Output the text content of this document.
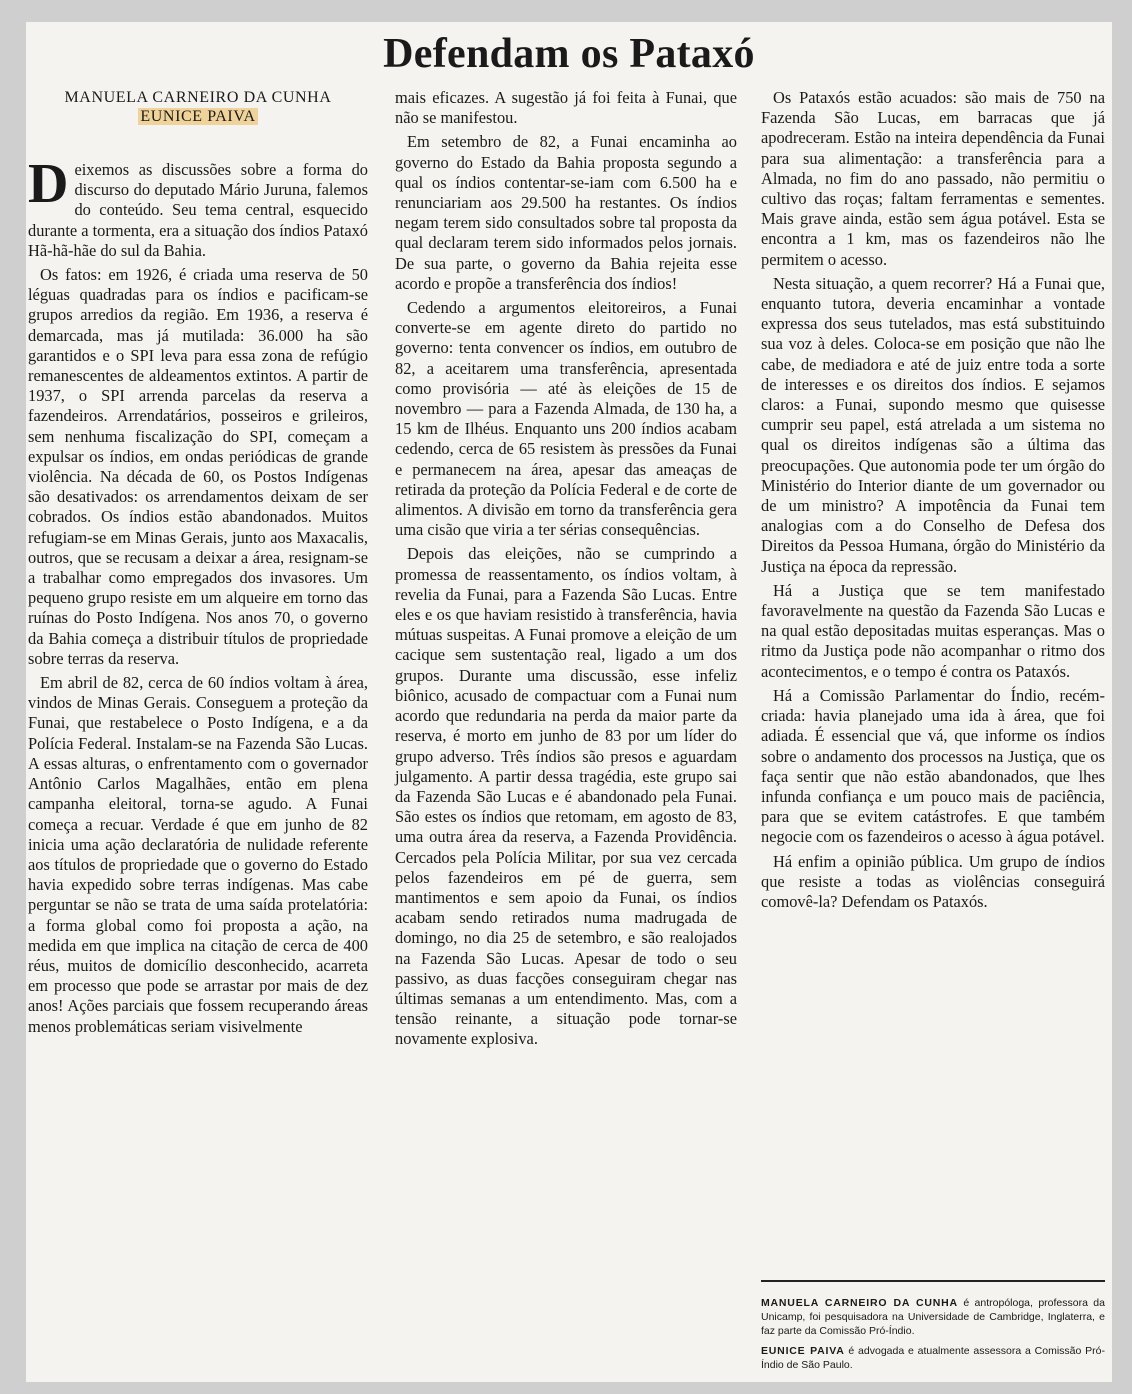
Defendam os Pataxó
MANUELA CARNEIRO DA CUNHA
EUNICE PAIVA

Deixemos as discussões sobre a forma do discurso do deputado Mário Juruna, falemos do conteúdo. Seu tema central, esquecido durante a tormenta, era a situação dos índios Pataxó Hã-hã-hãe do sul da Bahia.

Os fatos: em 1926, é criada uma reserva de 50 léguas quadradas para os índios e pacificam-se grupos arredios da região. Em 1936, a reserva é demarcada, mas já mutilada: 36.000 ha são garantidos e o SPI leva para essa zona de refúgio remanescentes de aldeamentos extintos. A partir de 1937, o SPI arrenda parcelas da reserva a fazendeiros. Arrendatários, posseiros e grileiros, sem nenhuma fiscalização do SPI, começam a expulsar os índios, em ondas periódicas de grande violência. Na década de 60, os Postos Indígenas são desativados: os arrendamentos deixam de ser cobrados. Os índios estão abandonados. Muitos refugiam-se em Minas Gerais, junto aos Maxacalis, outros, que se recusam a deixar a área, resignam-se a trabalhar como empregados dos invasores. Um pequeno grupo resiste em um alqueire em torno das ruínas do Posto Indígena. Nos anos 70, o governo da Bahia começa a distribuir títulos de propriedade sobre terras da reserva.

Em abril de 82, cerca de 60 índios voltam à área, vindos de Minas Gerais. Conseguem a proteção da Funai, que restabelece o Posto Indígena, e a da Polícia Federal. Instalam-se na Fazenda São Lucas. A essas alturas, o enfrentamento com o governador Antônio Carlos Magalhães, então em plena campanha eleitoral, torna-se agudo. A Funai começa a recuar. Verdade é que em junho de 82 inicia uma ação declaratória de nulidade referente aos títulos de propriedade que o governo do Estado havia expedido sobre terras indígenas. Mas cabe perguntar se não se trata de uma saída protelatória: a forma global como foi proposta a ação, na medida em que implica na citação de cerca de 400 réus, muitos de domicílio desconhecido, acarreta em processo que pode se arrastar por mais de dez anos! Ações parciais que fossem recuperando áreas menos problemáticas seriam visivelmente

mais eficazes. A sugestão já foi feita à Funai, que não se manifestou.

Em setembro de 82, a Funai encaminha ao governo do Estado da Bahia proposta segundo a qual os índios contentar-se-iam com 6.500 ha e renunciariam aos 29.500 ha restantes. Os índios negam terem sido consultados sobre tal proposta da qual declaram terem sido informados pelos jornais. De sua parte, o governo da Bahia rejeita esse acordo e propõe a transferência dos índios!

Cedendo a argumentos eleitoreiros, a Funai converte-se em agente direto do partido no governo: tenta convencer os índios, em outubro de 82, a aceitarem uma transferência, apresentada como provisória — até às eleições de 15 de novembro — para a Fazenda Almada, de 130 ha, a 15 km de Ilhéus. Enquanto uns 200 índios acabam cedendo, cerca de 65 resistem às pressões da Funai e permanecem na área, apesar das ameaças de retirada da proteção da Polícia Federal e de corte de alimentos. A divisão em torno da transferência gera uma cisão que viria a ter sérias consequências.

Depois das eleições, não se cumprindo a promessa de reassentamento, os índios voltam, à revelia da Funai, para a Fazenda São Lucas. Entre eles e os que haviam resistido à transferência, havia mútuas suspeitas. A Funai promove a eleição de um cacique sem sustentação real, ligado a um dos grupos. Durante uma discussão, esse infeliz biônico, acusado de compactuar com a Funai num acordo que redundaria na perda da maior parte da reserva, é morto em junho de 83 por um líder do grupo adverso. Três índios são presos e aguardam julgamento. A partir dessa tragédia, este grupo sai da Fazenda São Lucas e é abandonado pela Funai. São estes os índios que retomam, em agosto de 83, uma outra área da reserva, a Fazenda Providência. Cercados pela Polícia Militar, por sua vez cercada pelos fazendeiros em pé de guerra, sem mantimentos e sem apoio da Funai, os índios acabam sendo retirados numa madrugada de domingo, no dia 25 de setembro, e são realojados na Fazenda São Lucas. Apesar de todo o seu passivo, as duas facções conseguiram chegar nas últimas semanas a um entendimento. Mas, com a tensão reinante, a situação pode tornar-se novamente explosiva.

Os Pataxós estão acuados: são mais de 750 na Fazenda São Lucas, em barracas que já apodreceram. Estão na inteira dependência da Funai para sua alimentação: a transferência para a Almada, no fim do ano passado, não permitiu o cultivo das roças; faltam ferramentas e sementes. Mais grave ainda, estão sem água potável. Esta se encontra a 1 km, mas os fazendeiros não lhe permitem o acesso.

Nesta situação, a quem recorrer? Há a Funai que, enquanto tutora, deveria encaminhar a vontade expressa dos seus tutelados, mas está substituindo sua voz à deles. Coloca-se em posição que não lhe cabe, de mediadora e até de juiz entre toda a sorte de interesses e os direitos dos índios. E sejamos claros: a Funai, supondo mesmo que quisesse cumprir seu papel, está atrelada a um sistema no qual os direitos indígenas são a última das preocupações. Que autonomia pode ter um órgão do Ministério do Interior diante de um governador ou de um ministro? A impotência da Funai tem analogias com a do Conselho de Defesa dos Direitos da Pessoa Humana, órgão do Ministério da Justiça na época da repressão.

Há a Justiça que se tem manifestado favoravelmente na questão da Fazenda São Lucas e na qual estão depositadas muitas esperanças. Mas o ritmo da Justiça pode não acompanhar o ritmo dos acontecimentos, e o tempo é contra os Pataxós.

Há a Comissão Parlamentar do Índio, recém-criada: havia planejado uma ida à área, que foi adiada. É essencial que vá, que informe os índios sobre o andamento dos processos na Justiça, que os faça sentir que não estão abandonados, que lhes infunda confiança e um pouco mais de paciência, para que se evitem catástrofes. E que também negocie com os fazendeiros o acesso à água potável.

Há enfim a opinião pública. Um grupo de índios que resiste a todas as violências conseguirá comovê-la? Defendam os Pataxós.

MANUELA CARNEIRO DA CUNHA é antropóloga, professora da Unicamp, foi pesquisadora na Universidade de Cambridge, Inglaterra, e faz parte da Comissão Pró-Índio.

EUNICE PAIVA é advogada e atualmente assessora a Comissão Pró-Índio de São Paulo.
